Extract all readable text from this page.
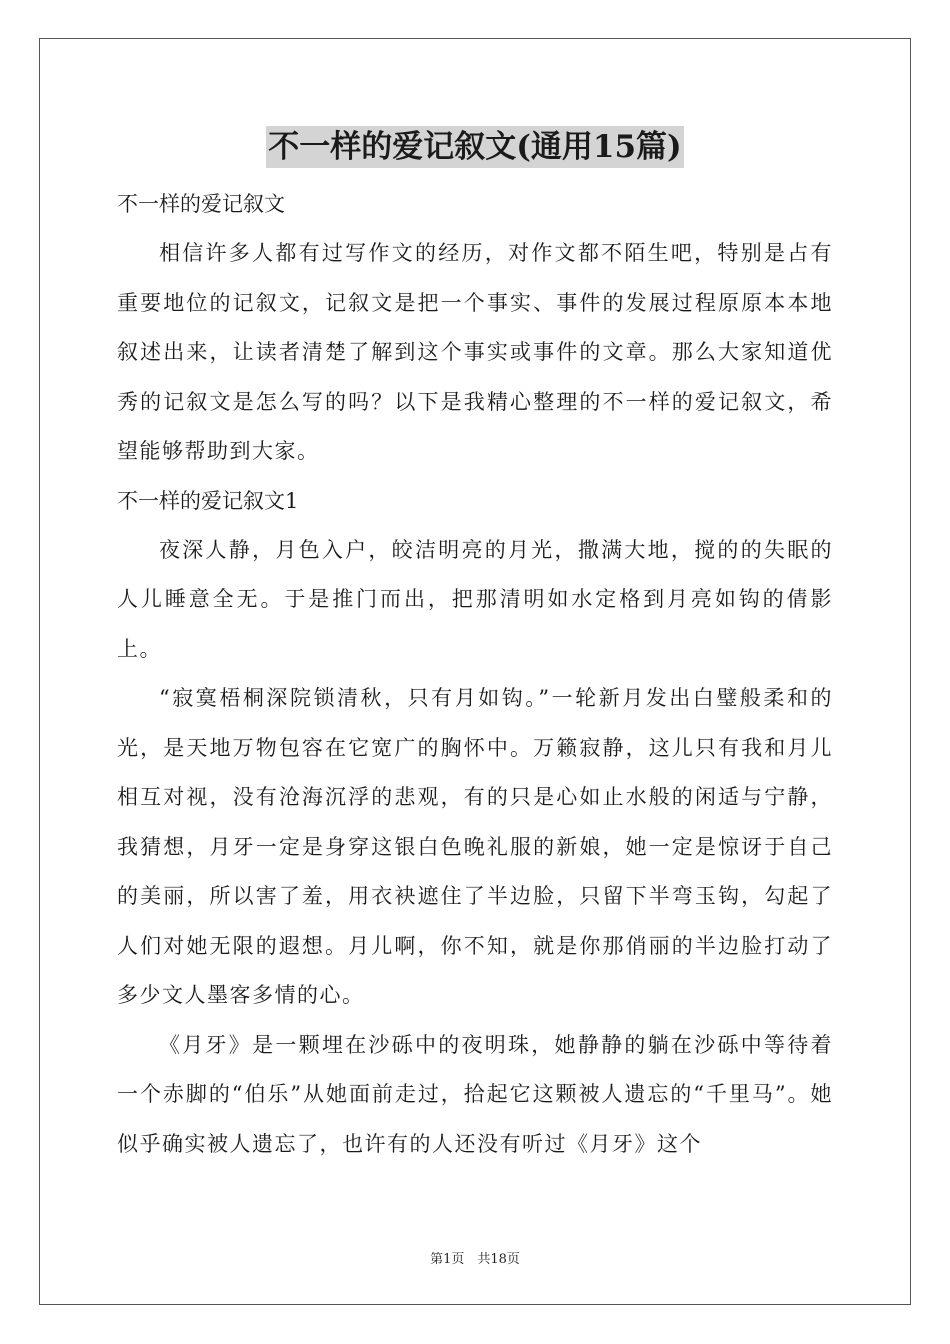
不一样的爱记叙文(通用15篇)
不一样的爱记叙文

相信许多人都有过写作文的经历，对作文都不陌生吧，特别是占有重要地位的记叙文，记叙文是把一个事实、事件的发展过程原原本本地叙述出来，让读者清楚了解到这个事实或事件的文章。那么大家知道优秀的记叙文是怎么写的吗？以下是我精心整理的不一样的爱记叙文，希望能够帮助到大家。

不一样的爱记叙文1

夜深人静，月色入户，皎洁明亮的月光，撒满大地，搅的的失眠的人儿睡意全无。于是推门而出，把那清明如水定格到月亮如钩的倩影上。

“寂寞梧桐深院锁清秋，只有月如钩。”一轮新月发出白璧般柔和的光，是天地万物包容在它宽广的胸怀中。万籁寂静，这儿只有我和月儿相互对视，没有沧海沉浮的悲观，有的只是心如止水般的闲适与宁静，我猜想，月牙一定是身穿这银白色晚礼服的新娘，她一定是惊讶于自己的美丽，所以害了羞，用衣袂遮住了半边脸，只留下半弯玉钩，勾起了人们对她无限的遐想。月儿啊，你不知，就是你那俏丽的半边脸打动了多少文人墨客多情的心。

《月牙》是一颗埋在沙砾中的夜明珠，她静静的躺在沙砾中等待着一个赤脚的“伯乐”从她面前走过，拾起它这颗被人遗忘的“千里马”。她似乎确实被人遗忘了，也许有的人还没有听过《月牙》这个

第1页　共18页
